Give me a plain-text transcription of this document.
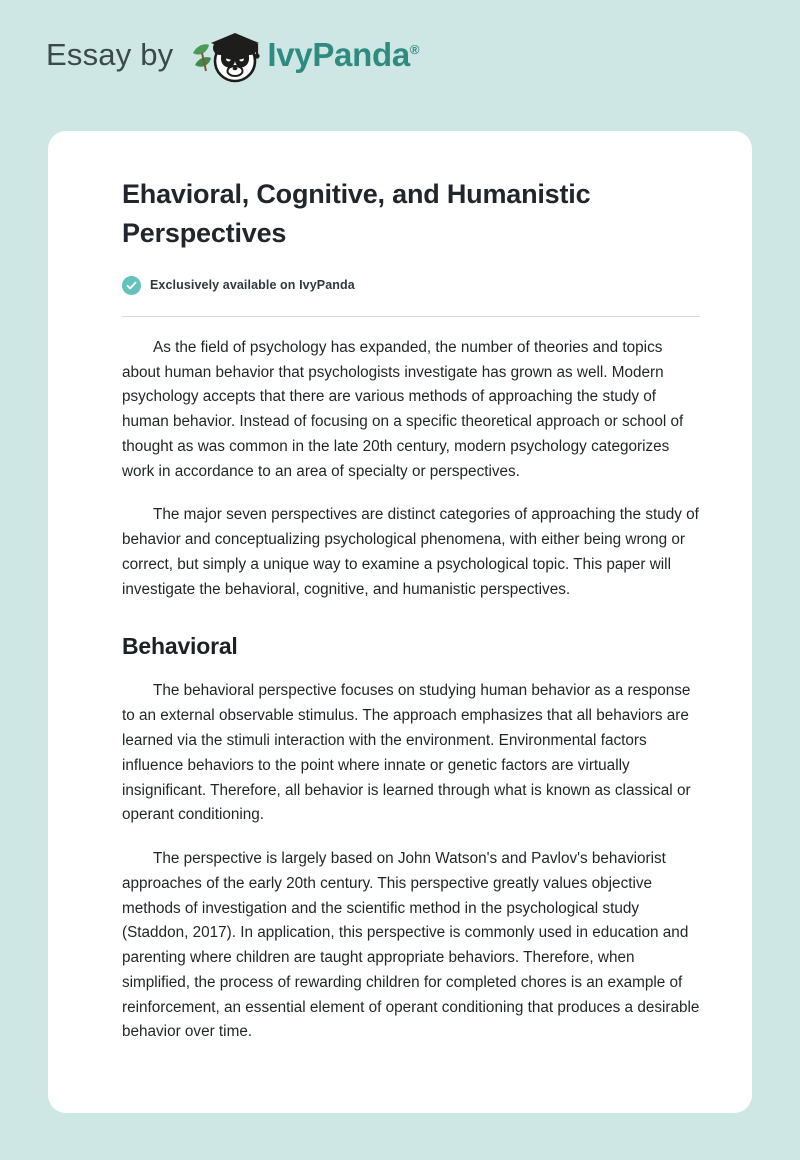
Essay by	IvyPanda®
Ehavioral, Cognitive, and Humanistic Perspectives
Exclusively available on IvyPanda

As the field of psychology has expanded, the number of theories and topics about human behavior that psychologists investigate has grown as well. Modern psychology accepts that there are various methods of approaching the study of human behavior. Instead of focusing on a specific theoretical approach or school of thought as was common in the late 20th century, modern psychology categorizes work in accordance to an area of specialty or perspectives.

The major seven perspectives are distinct categories of approaching the study of behavior and conceptualizing psychological phenomena, with either being wrong or correct, but simply a unique way to examine a psychological topic. This paper will investigate the behavioral, cognitive, and humanistic perspectives.

Behavioral

The behavioral perspective focuses on studying human behavior as a response to an external observable stimulus. The approach emphasizes that all behaviors are learned via the stimuli interaction with the environment. Environmental factors influence behaviors to the point where innate or genetic factors are virtually insignificant. Therefore, all behavior is learned through what is known as classical or operant conditioning.

The perspective is largely based on John Watson's and Pavlov's behaviorist approaches of the early 20th century. This perspective greatly values objective methods of investigation and the scientific method in the psychological study (Staddon, 2017). In application, this perspective is commonly used in education and parenting where children are taught appropriate behaviors. Therefore, when simplified, the process of rewarding children for completed chores is an example of reinforcement, an essential element of operant conditioning that produces a desirable behavior over time.
